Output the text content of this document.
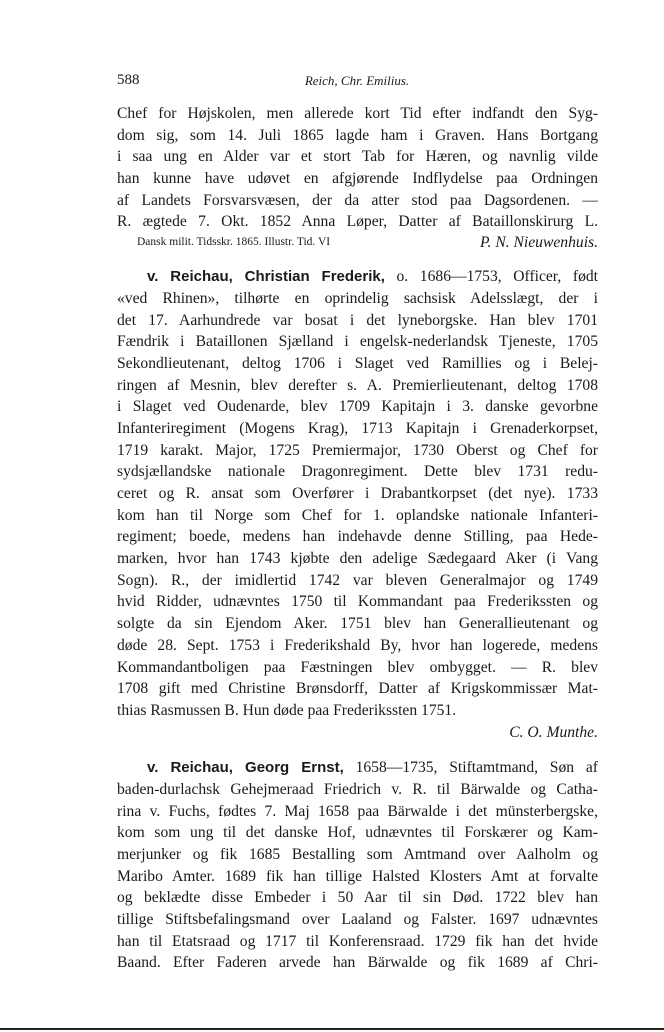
588	Reich, Chr. Emilius.
Chef for Højskolen, men allerede kort Tid efter indfandt den Syg-
dom sig, som 14. Juli 1865 lagde ham i Graven. Hans Bortgang
i saa ung en Alder var et stort Tab for Hæren, og navnlig vilde
han kunne have udøvet en afgjørende Indflydelse paa Ordningen
af Landets Forsvarsvæsen, der da atter stod paa Dagsordenen. —
R. ægtede 7. Okt. 1852 Anna Løper, Datter af Bataillonskirurg L.
Dansk milit. Tidsskr. 1865. Illustr. Tid. VI	P. N. Nieuwenhuis.
v. Reichau, Christian Frederik, o. 1686—1753, Officer, født
«ved Rhinen», tilhørte en oprindelig sachsisk Adelsslægt, der i
det 17. Aarhundrede var bosat i det lyneborgske. Han blev 1701
Fændrik i Bataillonen Sjælland i engelsk-nederlandsk Tjeneste, 1705
Sekondlieutenant, deltog 1706 i Slaget ved Ramillies og i Belej-
ringen af Mesnin, blev derefter s. A. Premierlieutenant, deltog 1708
i Slaget ved Oudenarde, blev 1709 Kapitajn i 3. danske gevorbne
Infanteriregiment (Mogens Krag), 1713 Kapitajn i Grenaderkorpset,
1719 karakt. Major, 1725 Premiermajor, 1730 Oberst og Chef for
sydsjællandske nationale Dragonregiment. Dette blev 1731 redu-
ceret og R. ansat som Overfører i Drabantkorpset (det nye). 1733
kom han til Norge som Chef for 1. oplandske nationale Infanteri-
regiment; boede, medens han indehavde denne Stilling, paa Hede-
marken, hvor han 1743 kjøbte den adelige Sædegaard Aker (i Vang
Sogn). R., der imidlertid 1742 var bleven Generalmajor og 1749
hvid Ridder, udnævntes 1750 til Kommandant paa Frederikssten og
solgte da sin Ejendom Aker. 1751 blev han Generallieutenant og
døde 28. Sept. 1753 i Frederikshald By, hvor han logerede, medens
Kommandantboligen paa Fæstningen blev ombygget. — R. blev
1708 gift med Christine Brønsdorff, Datter af Krigskommissær Mat-
thias Rasmussen B. Hun døde paa Frederikssten 1751.
C. O. Munthe.
v. Reichau, Georg Ernst, 1658—1735, Stiftamtmand, Søn af
baden-durlachsk Gehejmeraad Friedrich v. R. til Bärwalde og Catha-
rina v. Fuchs, fødtes 7. Maj 1658 paa Bärwalde i det münsterbergske,
kom som ung til det danske Hof, udnævntes til Forskærer og Kam-
merjunker og fik 1685 Bestalling som Amtmand over Aalholm og
Maribo Amter. 1689 fik han tillige Halsted Klosters Amt at forvalte
og beklædte disse Embeder i 50 Aar til sin Død. 1722 blev han
tillige Stiftsbefalingsmand over Laaland og Falster. 1697 udnævntes
han til Etatsraad og 1717 til Konferensraad. 1729 fik han det hvide
Baand. Efter Faderen arvede han Bärwalde og fik 1689 af Chri-
